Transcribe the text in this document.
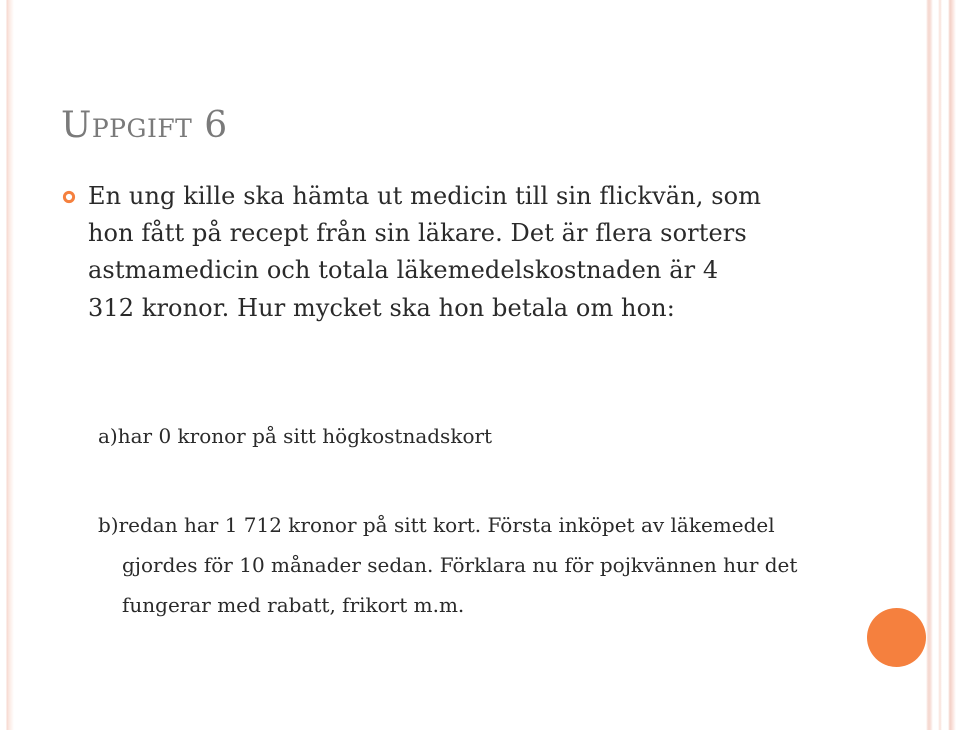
Uppgift 6

En ung kille ska hämta ut medicin till sin flickvän, som hon fått på recept från sin läkare. Det är flera sorters astmamedicin och totala läkemedelskostnaden är 4 312 kronor. Hur mycket ska hon betala om hon:

a)har 0 kronor på sitt högkostnadskort

b)redan har 1 712 kronor på sitt kort. Första inköpet av läkemedel gjordes för 10 månader sedan. Förklara nu för pojkvännen hur det fungerar med rabatt, frikort m.m.
